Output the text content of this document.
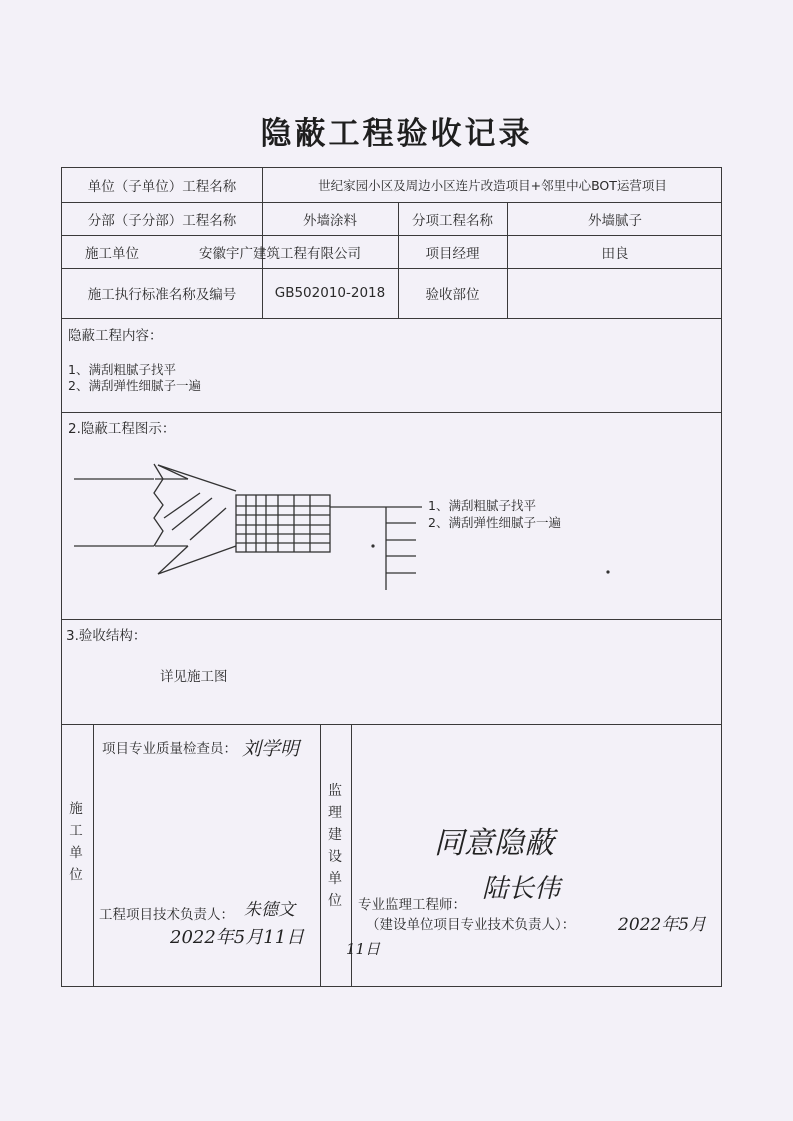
隐蔽工程验收记录
单位（子单位）工程名称	世纪家园小区及周边小区连片改造项目+邻里中心BOT运营项目
分部（子分部）工程名称	外墙涂料	分项工程名称	外墙腻子
施工单位	安徽宇广建筑工程有限公司	项目经理	田良
施工执行标准名称及编号	GB502010-2018	验收部位
隐蔽工程内容：
1、满刮粗腻子找平
2、满刮弹性细腻子一遍
2.隐蔽工程图示：
1、满刮粗腻子找平
2、满刮弹性细腻子一遍
3.验收结构：
详见施工图
施工单位
项目专业质量检查员： 刘学明
工程项目技术负责人： 朱德文
2022年5月11日
监理建设单位
同意隐蔽
专业监理工程师：
陆长伟
（建设单位项目专业技术负责人）：	2022年5月
11日
